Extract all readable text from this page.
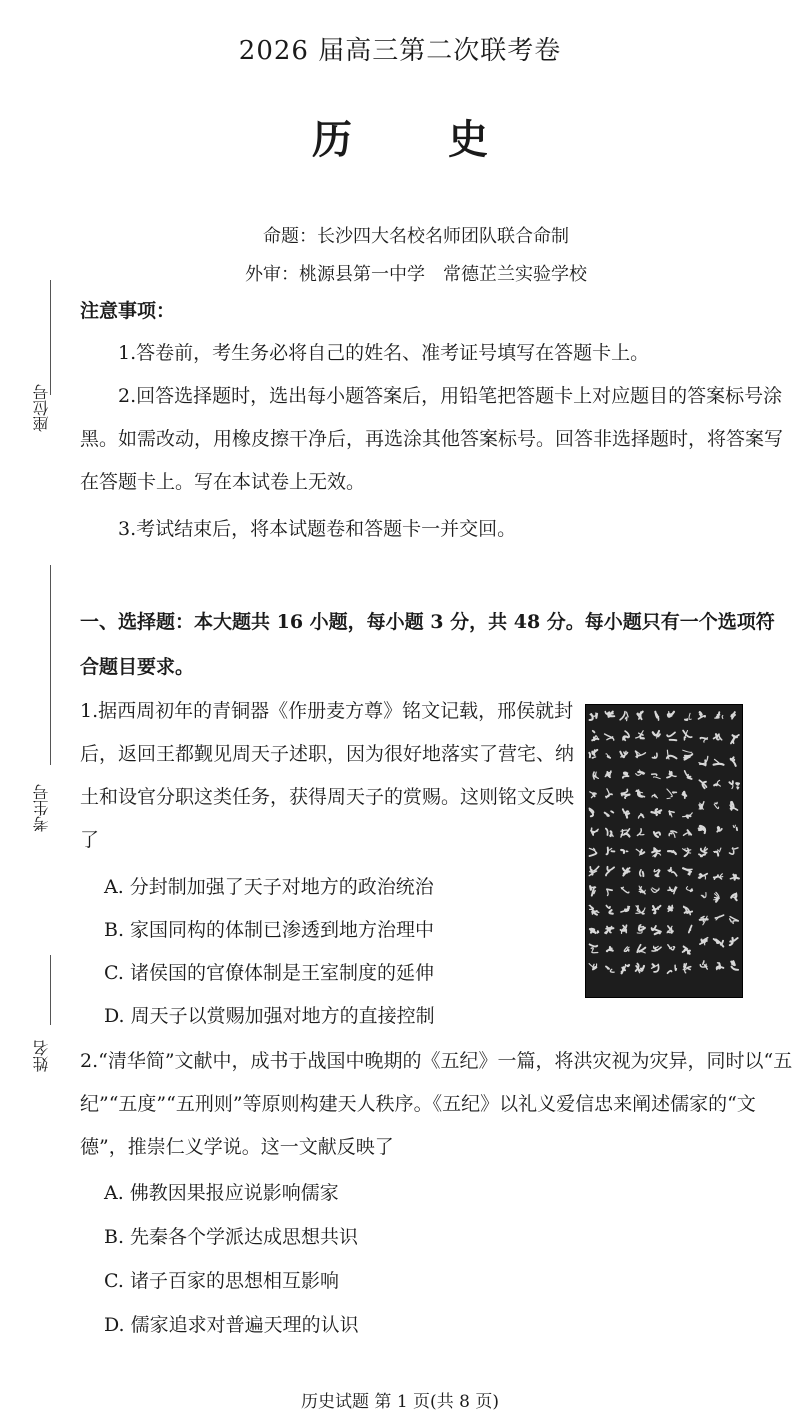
2026 届高三第二次联考卷
历 史
命题：长沙四大名校名师团队联合命制
外审：桃源县第一中学　常德芷兰实验学校
座位号
考生号
姓名
注意事项：
1.答卷前，考生务必将自己的姓名、准考证号填写在答题卡上。
2.回答选择题时，选出每小题答案后，用铅笔把答题卡上对应题目的答案标号涂黑。如需改动，用橡皮擦干净后，再选涂其他答案标号。回答非选择题时，将答案写在答题卡上。写在本试卷上无效。
3.考试结束后，将本试题卷和答题卡一并交回。
一、选择题：本大题共 16 小题，每小题 3 分，共 48 分。每小题只有一个选项符合题目要求。
1.据西周初年的青铜器《作册麦方尊》铭文记载，邢侯就封后，返回王都觐见周天子述职，因为很好地落实了营宅、纳土和设官分职这类任务，获得周天子的赏赐。这则铭文反映了
A. 分封制加强了天子对地方的政治统治
B. 家国同构的体制已渗透到地方治理中
C. 诸侯国的官僚体制是王室制度的延伸
D. 周天子以赏赐加强对地方的直接控制
2.“清华简”文献中，成书于战国中晚期的《五纪》一篇，将洪灾视为灾异，同时以“五纪”“五度”“五刑则”等原则构建天人秩序。《五纪》以礼义爱信忠来阐述儒家的“文德”，推崇仁义学说。这一文献反映了
A. 佛教因果报应说影响儒家
B. 先秦各个学派达成思想共识
C. 诸子百家的思想相互影响
D. 儒家追求对普遍天理的认识
历史试题 第 1 页(共 8 页)
